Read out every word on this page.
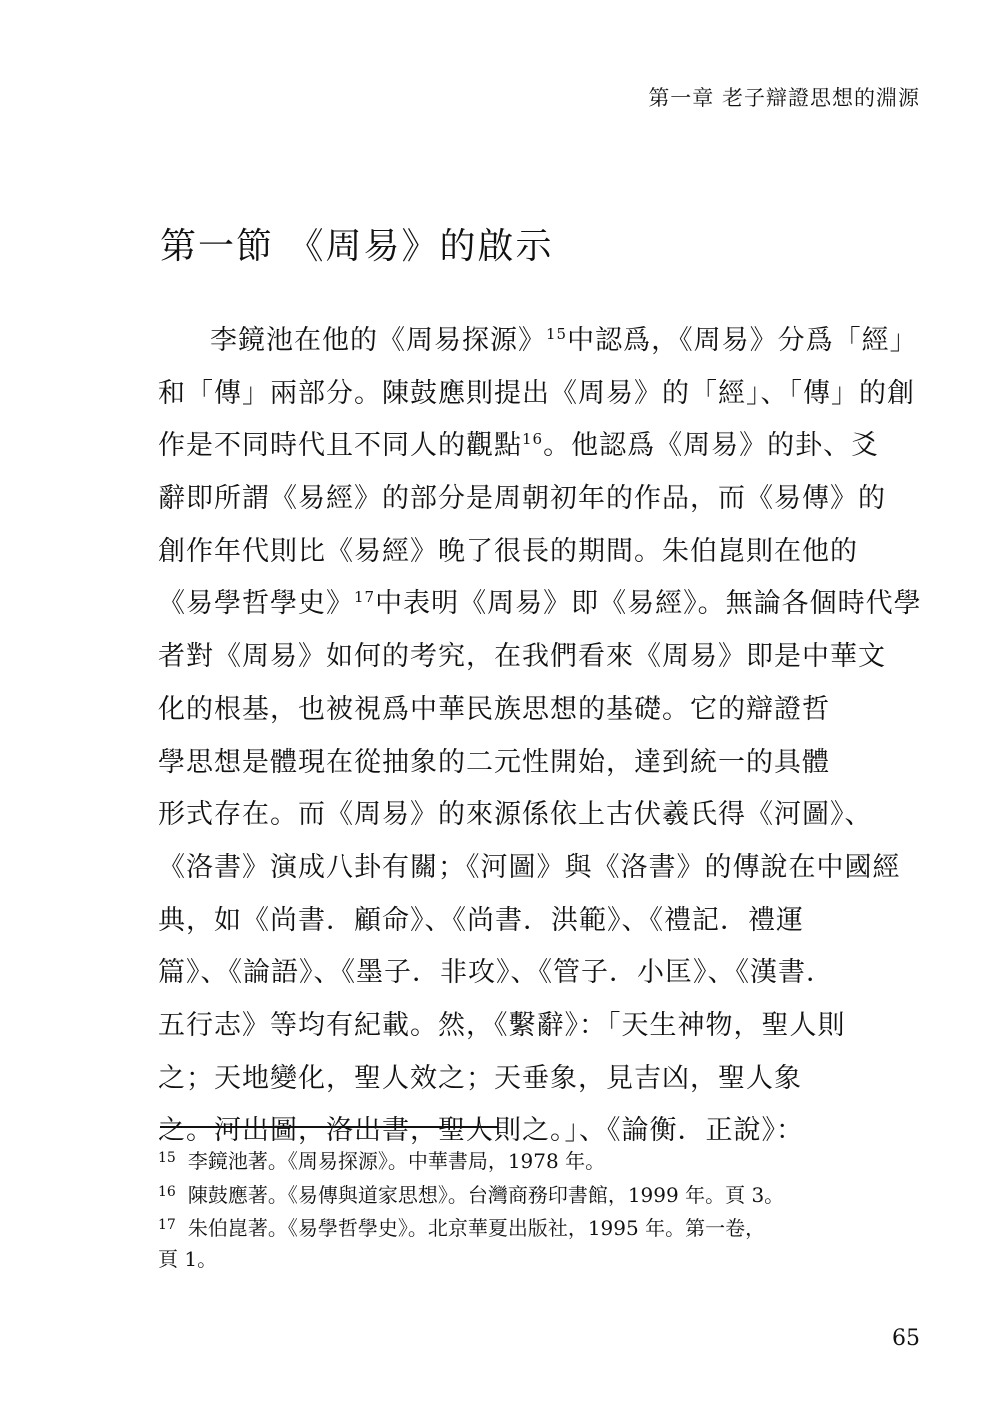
第一章 老子辯證思想的淵源
第一節 《周易》的啟示
李鏡池在他的《周易探源》$^{15}$中認爲，《周易》分爲「經」
和「傳」兩部分。陳鼓應則提出《周易》的「經」、「傳」的創
作是不同時代且不同人的觀點$^{16}$。他認爲《周易》的卦、爻
辭即所謂《易經》的部分是周朝初年的作品，而《易傳》的
創作年代則比《易經》晚了很長的期間。朱伯崑則在他的
《易學哲學史》$^{17}$中表明《周易》即《易經》。無論各個時代學
者對《周易》如何的考究，在我們看來《周易》即是中華文
化的根基，也被視爲中華民族思想的基礎。它的辯證哲
學思想是體現在從抽象的二元性開始，達到統一的具體
形式存在。而《周易》的來源係依上古伏羲氏得《河圖》、
《洛書》演成八卦有關；《河圖》與《洛書》的傳說在中國經
典，如《尚書．顧命》、《尚書．洪範》、《禮記．禮運
篇》、《論語》、《墨子．非攻》、《管子．小匡》、《漢書．
五行志》等均有紀載。然，《繫辭》：「天生神物，聖人則
之；天地變化，聖人效之；天垂象，見吉凶，聖人象
之。河出圖，洛出書，聖人則之。」、《論衡．正說》：
$^{15}$ 李鏡池著。《周易探源》。中華書局，1978 年。
$^{16}$ 陳鼓應著。《易傳與道家思想》。台灣商務印書館，1999 年。頁 3。
$^{17}$ 朱伯崑著。《易學哲學史》。北京華夏出版社，1995 年。第一卷，
頁 1。
65
